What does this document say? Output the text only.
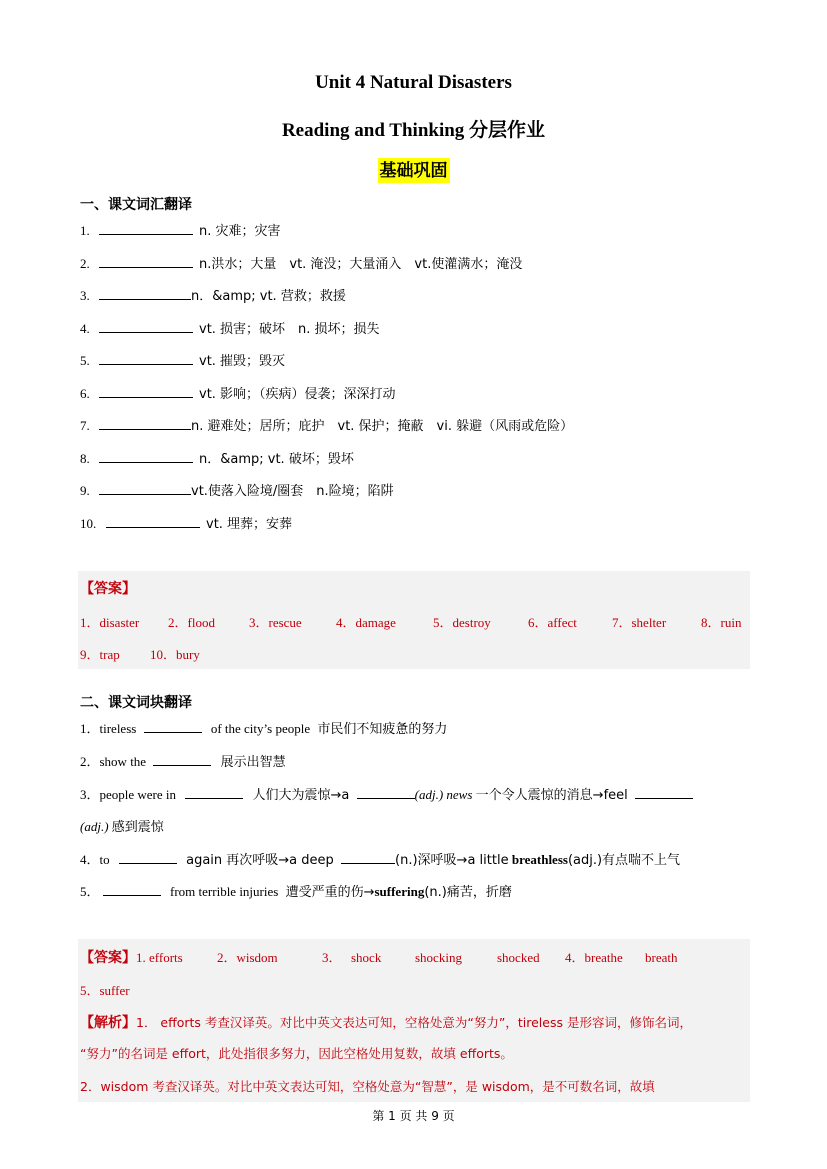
Unit 4 Natural Disasters
Reading and Thinking 分层作业
基础巩固
一、课文词汇翻译
1.	n. 灾难；灾害
2.	n.洪水；大量　vt. 淹没；大量涌入　vt.使灌满水；淹没
3.	n．&amp; vt. 营救；救援
4.	vt. 损害；破坏　n. 损坏；损失
5.	vt. 摧毁；毁灭
6.	vt. 影响；（疾病）侵袭；深深打动
7.	n. 避难处；居所；庇护　vt. 保护；掩蔽　vi. 躲避（风雨或危险）
8.	n．&amp; vt. 破坏；毁坏
9.	vt.使落入险境/圈套　n.险境；陷阱
10.	vt. 埋葬；安葬
【答案】
1．disaster 2．flood	3．rescue	4．damage	5．destroy	6．affect	7．shelter	8．ruin
9．trap 10．bury
二、课文词块翻译
1．tireless	of the city’s people 市民们不知疲惫的努力
2．show the	展示出智慧
3．people were in	人们大为震惊→a	(adj.) news 一个令人震惊的消息→feel
(adj.) 感到震惊
4．to	again 再次呼吸→a deep	(n.)深呼吸→a little breathless(adj.)有点喘不上气
5．	from terrible injuries 遭受严重的伤→suffering(n.)痛苦，折磨
【答案】1. efforts	2．wisdom	3． shock	shocking	shocked 4．breathe breath
5．suffer
【解析】1． efforts 考查汉译英。对比中英文表达可知，空格处意为“努力”，tireless 是形容词，修饰名词，
“努力”的名词是 effort，此处指很多努力，因此空格处用复数，故填 efforts。
2．wisdom 考查汉译英。对比中英文表达可知，空格处意为“智慧”，是 wisdom，是不可数名词，故填
第 1 页 共 9 页
